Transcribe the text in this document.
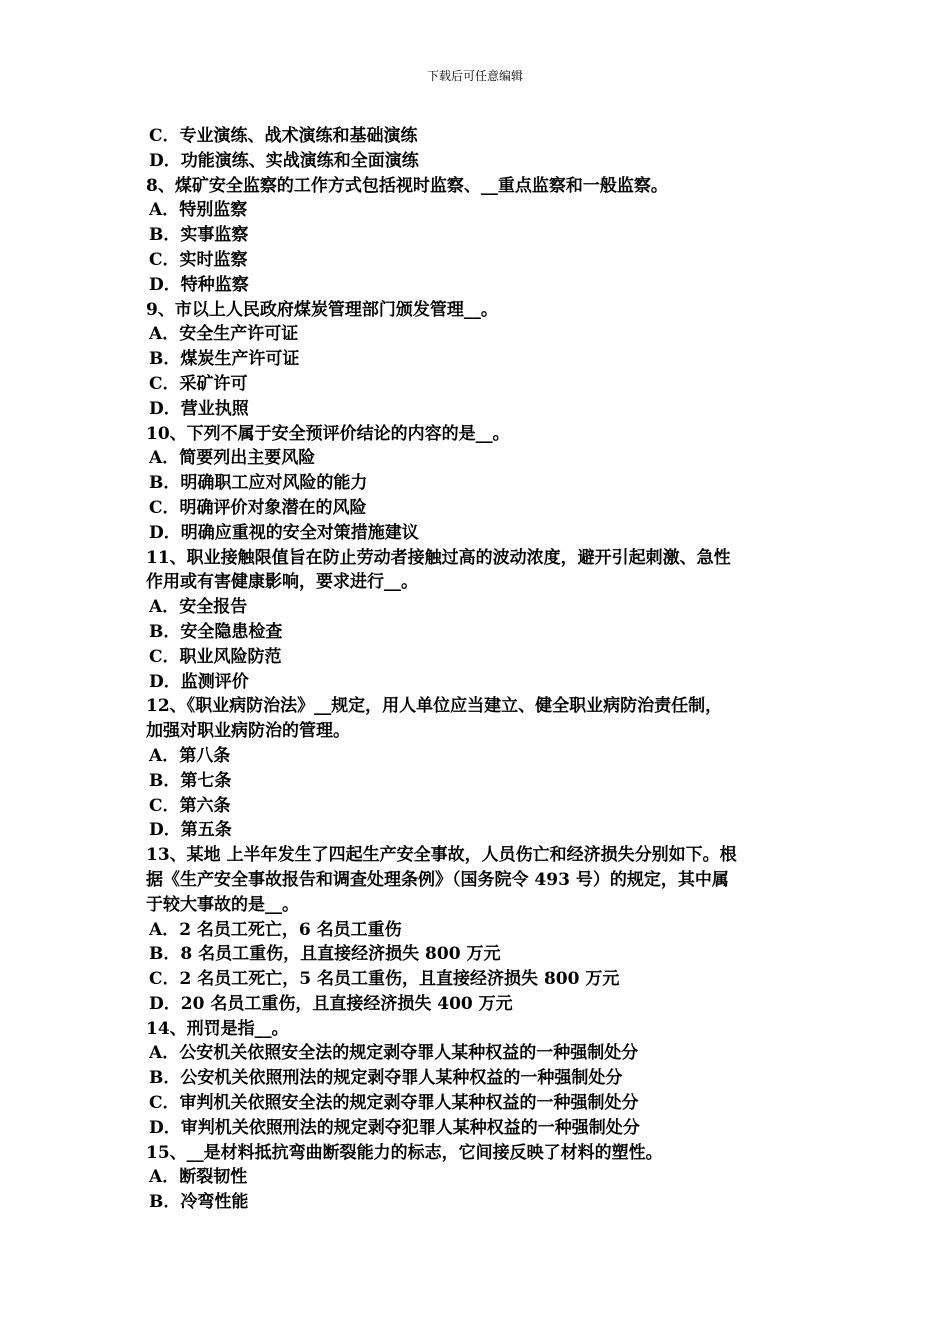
下载后可任意编辑
C．专业演练、战术演练和基础演练
D．功能演练、实战演练和全面演练
8、煤矿安全监察的工作方式包括视时监察、__重点监察和一般监察。
A．特别监察
B．实事监察
C．实时监察
D．特种监察
9、市以上人民政府煤炭管理部门颁发管理__。
A．安全生产许可证
B．煤炭生产许可证
C．采矿许可
D．营业执照
10、下列不属于安全预评价结论的内容的是__。
A．简要列出主要风险
B．明确职工应对风险的能力
C．明确评价对象潜在的风险
D．明确应重视的安全对策措施建议
11、职业接触限值旨在防止劳动者接触过高的波动浓度，避开引起刺激、急性
作用或有害健康影响，要求进行__。
A．安全报告
B．安全隐患检查
C．职业风险防范
D．监测评价
12、《职业病防治法》__规定，用人单位应当建立、健全职业病防治责任制，
加强对职业病防治的管理。
A．第八条
B．第七条
C．第六条
D．第五条
13、某地 上半年发生了四起生产安全事故，人员伤亡和经济损失分别如下。根
据《生产安全事故报告和调查处理条例》（国务院令 493 号）的规定，其中属
于较大事故的是__。
A．2 名员工死亡，6 名员工重伤
B．8 名员工重伤，且直接经济损失 800 万元
C．2 名员工死亡，5 名员工重伤，且直接经济损失 800 万元
D．20 名员工重伤，且直接经济损失 400 万元
14、刑罚是指__。
A．公安机关依照安全法的规定剥夺罪人某种权益的一种强制处分
B．公安机关依照刑法的规定剥夺罪人某种权益的一种强制处分
C．审判机关依照安全法的规定剥夺罪人某种权益的一种强制处分
D．审判机关依照刑法的规定剥夺犯罪人某种权益的一种强制处分
15、__是材料抵抗弯曲断裂能力的标志，它间接反映了材料的塑性。
A．断裂韧性
B．冷弯性能
